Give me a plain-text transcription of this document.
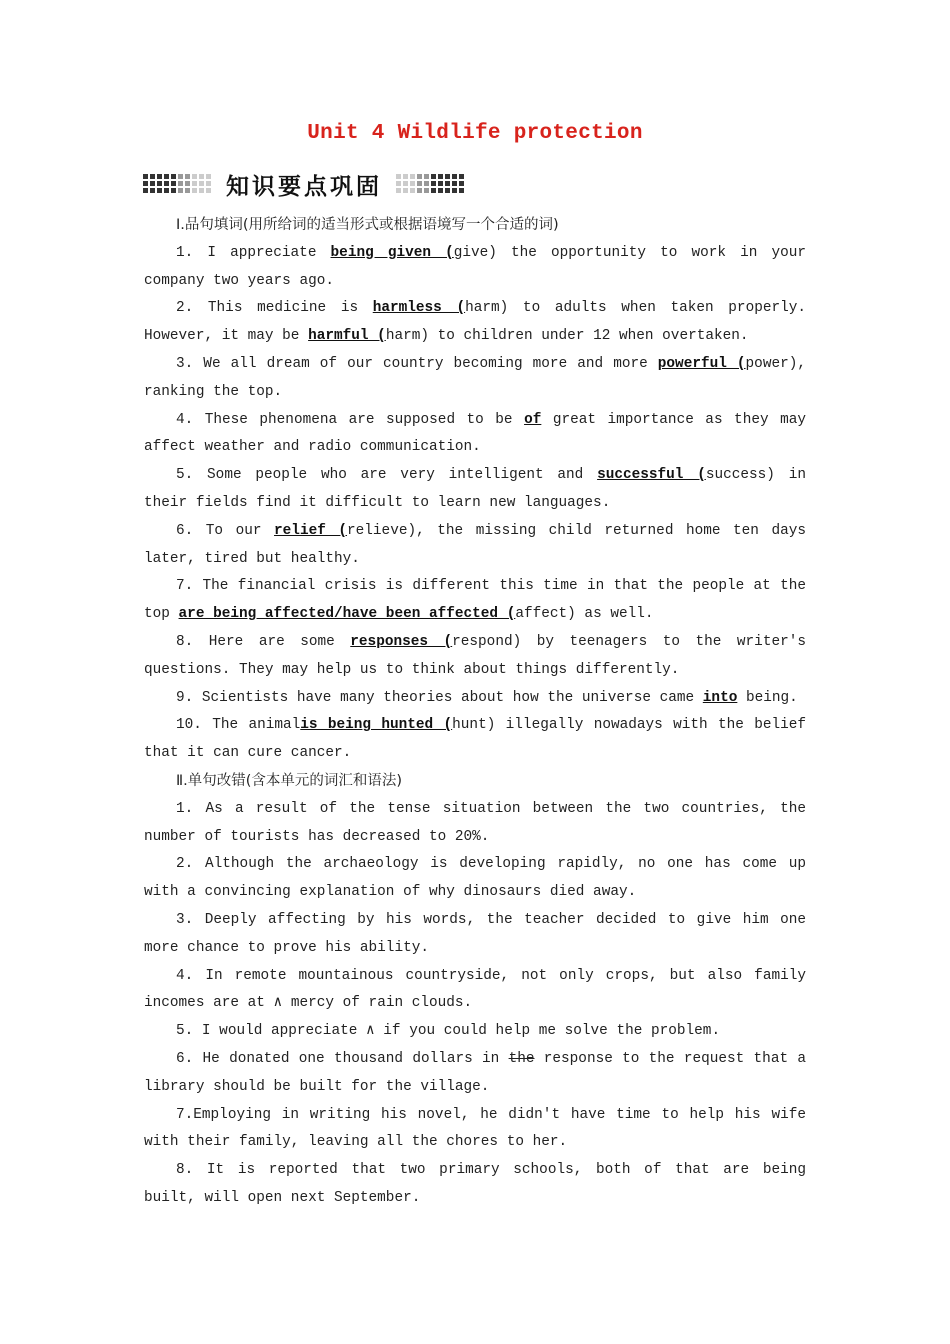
Unit 4 Wildlife protection
知识要点巩固

Ⅰ.品句填词(用所给词的适当形式或根据语境写一个合适的词)

1. I appreciate being given (give) the opportunity to work in your company two years ago.

2. This medicine is harmless (harm) to adults when taken properly. However, it may be harmful (harm) to children under 12 when overtaken.

3. We all dream of our country becoming more and more powerful (power), ranking the top.

4. These phenomena are supposed to be of great importance as they may affect weather and radio communication.

5. Some people who are very intelligent and successful (success) in their fields find it difficult to learn new languages.

6. To our relief (relieve), the missing child returned home ten days later, tired but healthy.

7. The financial crisis is different this time in that the people at the top are being affected/have been affected (affect) as well.

8. Here are some responses (respond) by teenagers to the writer's questions. They may help us to think about things differently.

9. Scientists have many theories about how the universe came into being.

10. The animalis being hunted (hunt) illegally nowadays with the belief that it can cure cancer.

Ⅱ.单句改错(含本单元的词汇和语法)

1. As a result of the tense situation between the two countries, the number of tourists has decreased to 20%.

2. Although the archaeology is developing rapidly, no one has come up with a convincing explanation of why dinosaurs died away.

3. Deeply affecting by his words, the teacher decided to give him one more chance to prove his ability.

4. In remote mountainous countryside, not only crops, but also family incomes are at ∧ mercy of rain clouds.

5. I would appreciate ∧ if you could help me solve the problem.

6. He donated one thousand dollars in the response to the request that a library should be built for the village.

7.Employing in writing his novel, he didn't have time to help his wife with their family, leaving all the chores to her.

8. It is reported that two primary schools, both of that are being built, will open next September.
